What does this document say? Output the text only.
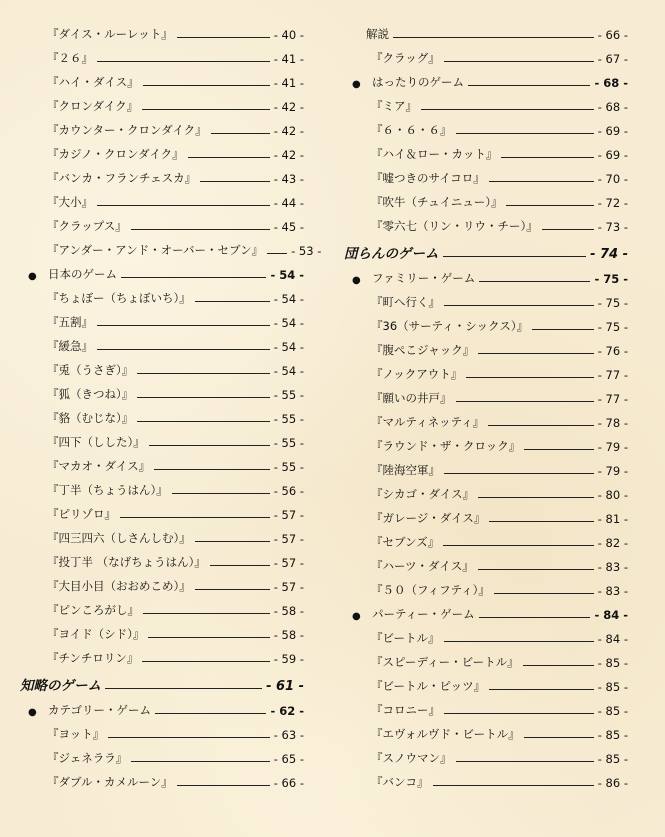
『ダイス・ルーレット』	- 40 -
『２６』	- 41 -
『ハイ・ダイス』	- 41 -
『クロンダイク』	- 42 -
『カウンター・クロンダイク』	- 42 -
『カジノ・クロンダイク』	- 42 -
『バンカ・フランチェスカ』	- 43 -
『大小』	- 44 -
『クラップス』	- 45 -
『アンダー・アンド・オーバー・セブン』 - 53 -
● 日本のゲーム	- 54 -
『ちょぼー（ちょぼいち）』	- 54 -
『五割』	- 54 -
『緩急』	- 54 -
『兎（うさぎ）』	- 54 -
『狐（きつね）』	- 55 -
『貉（むじな）』	- 55 -
『四下（しした）』	- 55 -
『マカオ・ダイス』	- 55 -
『丁半（ちょうはん）』	- 56 -
『ピリゾロ』	- 57 -
『四三四六（しさんしむ）』	- 57 -
『投丁半 （なげちょうはん）』	- 57 -
『大目小目（おおめこめ）』	- 57 -
『ピンころがし』	- 58 -
『ヨイド（シド）』	- 58 -
『チンチロリン』	- 59 -
知略のゲーム	- 61 -
● カテゴリー・ゲーム	- 62 -
『ヨット』	- 63 -
『ジェネララ』	- 65 -
『ダブル・カメルーン』	- 66 -
解説	- 66 -
『クラッグ』	- 67 -
● はったりのゲーム	- 68 -
『ミア』	- 68 -
『６・６・６』	- 69 -
『ハイ＆ロー・カット』	- 69 -
『嘘つきのサイコロ』	- 70 -
『吹牛（チュイニュー）』	- 72 -
『零六七（リン・リウ・チー）』	- 73 -
団らんのゲーム	- 74 -
● ファミリー・ゲーム	- 75 -
『町へ行く』	- 75 -
『36（サーティ・シックス）』	- 75 -
『腹ぺこジャック』	- 76 -
『ノックアウト』	- 77 -
『願いの井戸』	- 77 -
『マルティネッティ』	- 78 -
『ラウンド・ザ・クロック』	- 79 -
『陸海空軍』	- 79 -
『シカゴ・ダイス』	- 80 -
『ガレージ・ダイス』	- 81 -
『セブンズ』	- 82 -
『ハーツ・ダイス』	- 83 -
『５０（フィフティ）』	- 83 -
● パーティー・ゲーム	- 84 -
『ビートル』	- 84 -
『スピーディー・ビートル』	- 85 -
『ビートル・ピッツ』	- 85 -
『コロニー』	- 85 -
『エヴォルヴド・ビートル』	- 85 -
『スノウマン』	- 85 -
『バンコ』	- 86 -
